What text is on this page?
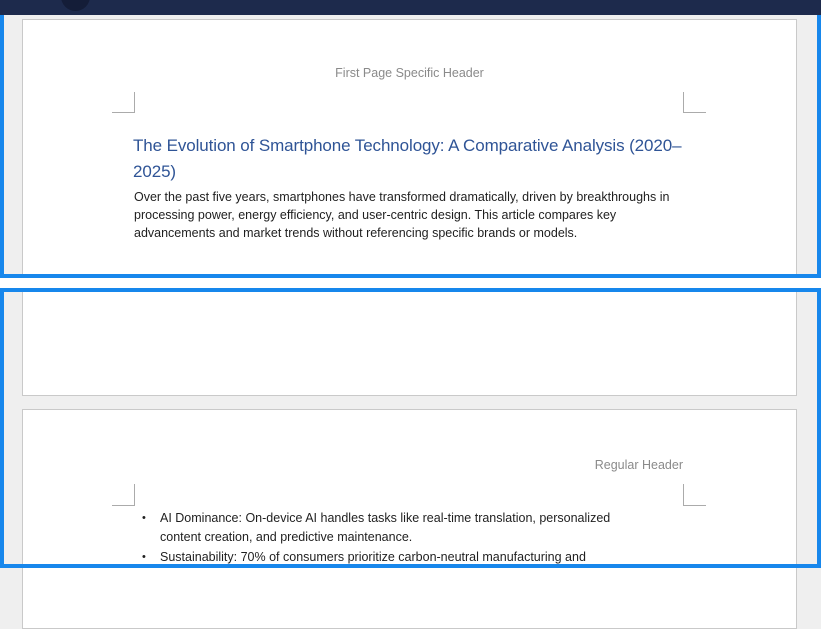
First Page Specific Header
The Evolution of Smartphone Technology: A Comparative Analysis (2020–2025)
Over the past five years, smartphones have transformed dramatically, driven by breakthroughs in processing power, energy efficiency, and user-centric design. This article compares key advancements and market trends without referencing specific brands or models.
Regular Header
•	AI Dominance: On-device AI handles tasks like real-time translation, personalized content creation, and predictive maintenance.
•	Sustainability: 70% of consumers prioritize carbon-neutral manufacturing and
